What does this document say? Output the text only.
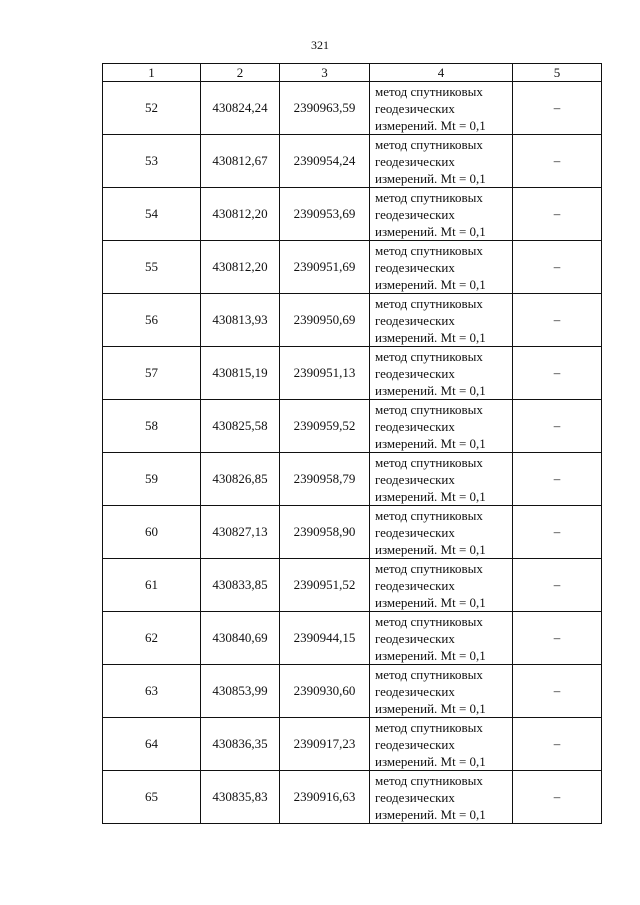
321
1	2	3	4	5
52	430824,24	2390963,59	метод спутниковых
геодезических
измерений. Mt = 0,1	–
53	430812,67	2390954,24	метод спутниковых
геодезических
измерений. Mt = 0,1	–
54	430812,20	2390953,69	метод спутниковых
геодезических
измерений. Mt = 0,1	–
55	430812,20	2390951,69	метод спутниковых
геодезических
измерений. Mt = 0,1	–
56	430813,93	2390950,69	метод спутниковых
геодезических
измерений. Mt = 0,1	–
57	430815,19	2390951,13	метод спутниковых
геодезических
измерений. Mt = 0,1	–
58	430825,58	2390959,52	метод спутниковых
геодезических
измерений. Mt = 0,1	–
59	430826,85	2390958,79	метод спутниковых
геодезических
измерений. Mt = 0,1	–
60	430827,13	2390958,90	метод спутниковых
геодезических
измерений. Mt = 0,1	–
61	430833,85	2390951,52	метод спутниковых
геодезических
измерений. Mt = 0,1	–
62	430840,69	2390944,15	метод спутниковых
геодезических
измерений. Mt = 0,1	–
63	430853,99	2390930,60	метод спутниковых
геодезических
измерений. Mt = 0,1	–
64	430836,35	2390917,23	метод спутниковых
геодезических
измерений. Mt = 0,1	–
65	430835,83	2390916,63	метод спутниковых
геодезических
измерений. Mt = 0,1	–
